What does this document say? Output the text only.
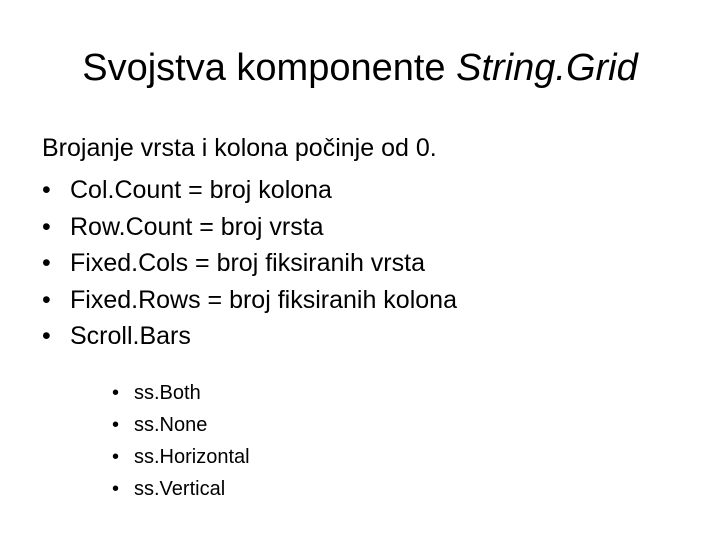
Svojstva komponente String.Grid
Brojanje vrsta i kolona počinje od 0.
• Col.Count = broj kolona
• Row.Count = broj vrsta
• Fixed.Cols = broj fiksiranih vrsta
• Fixed.Rows = broj fiksiranih kolona
• Scroll.Bars
• ss.Both
• ss.None
• ss.Horizontal
• ss.Vertical
